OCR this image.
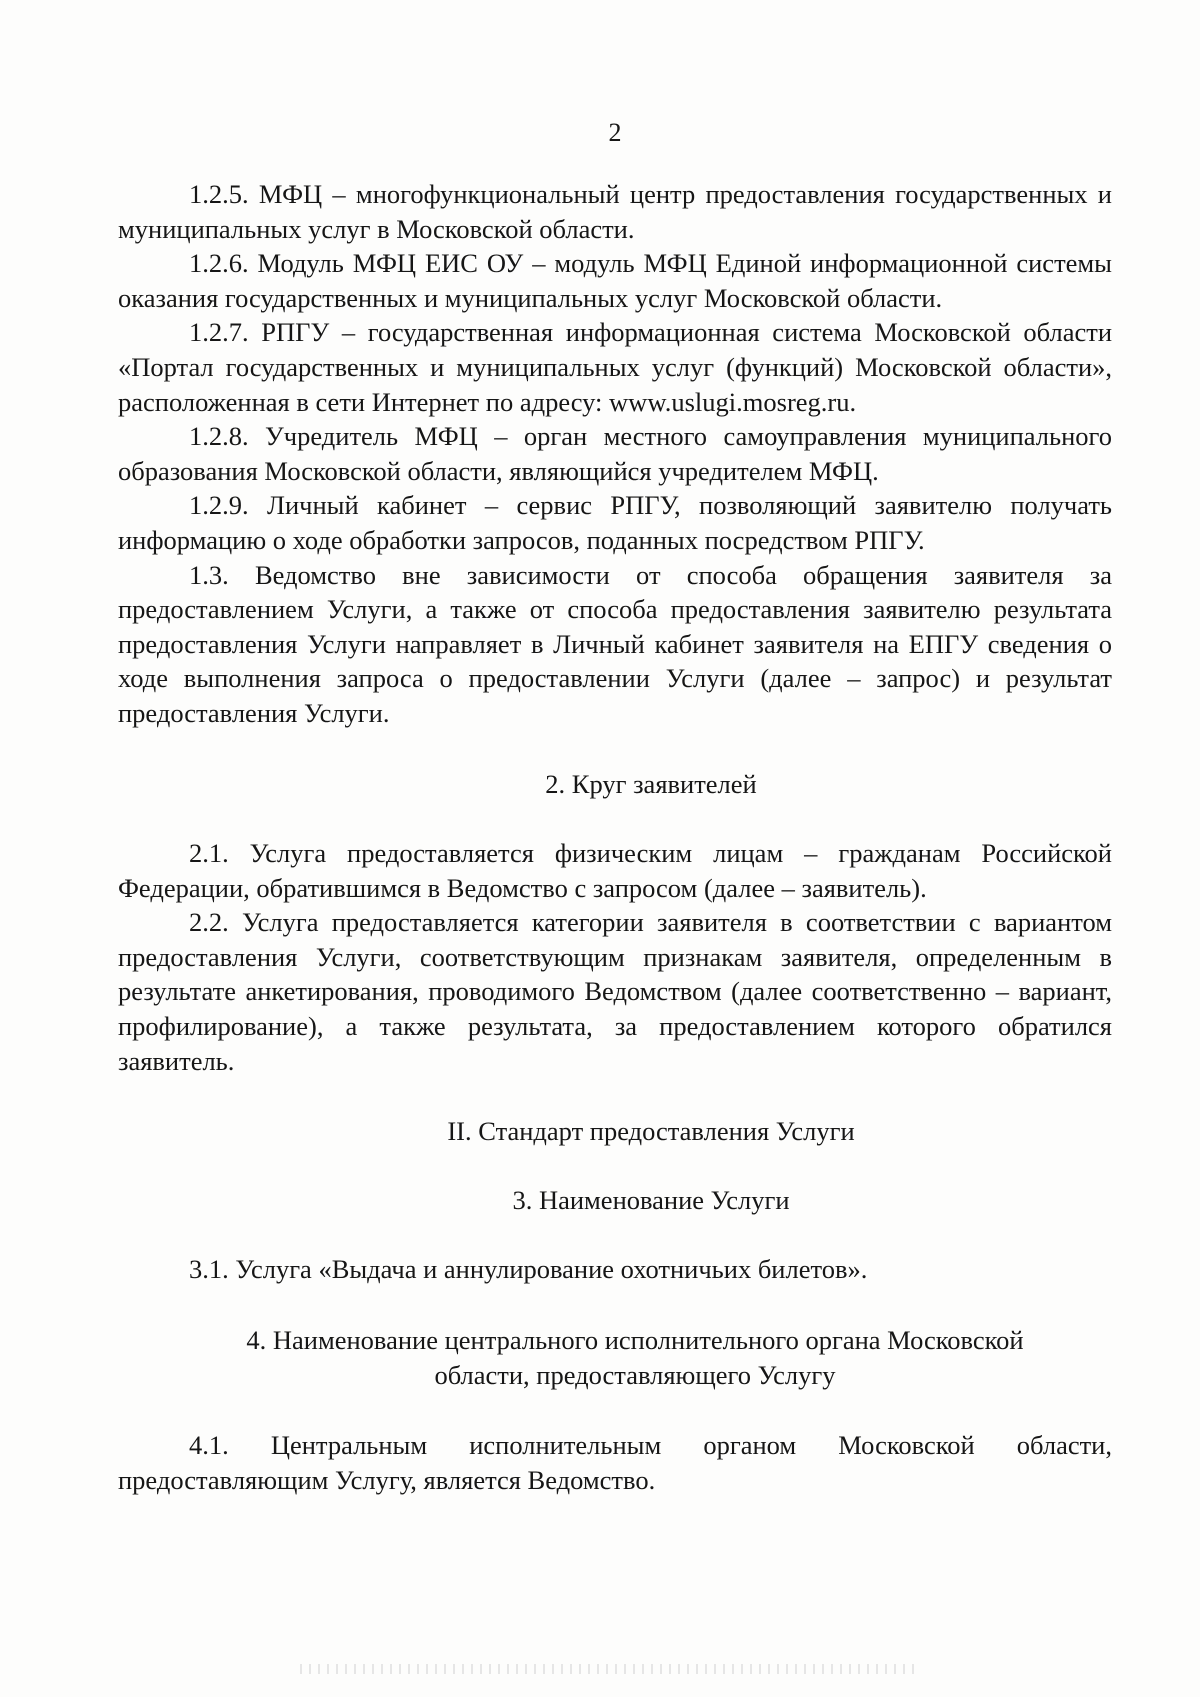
2

1.2.5. МФЦ – многофункциональный центр предоставления государственных и муниципальных услуг в Московской области.

1.2.6. Модуль МФЦ ЕИС ОУ – модуль МФЦ Единой информационной системы оказания государственных и муниципальных услуг Московской области.

1.2.7. РПГУ – государственная информационная система Московской области «Портал государственных и муниципальных услуг (функций) Московской области», расположенная в сети Интернет по адресу: www.uslugi.mosreg.ru.

1.2.8. Учредитель МФЦ – орган местного самоуправления муниципального образования Московской области, являющийся учредителем МФЦ.

1.2.9. Личный кабинет – сервис РПГУ, позволяющий заявителю получать информацию о ходе обработки запросов, поданных посредством РПГУ.

1.3. Ведомство вне зависимости от способа обращения заявителя за предоставлением Услуги, а также от способа предоставления заявителю результата предоставления Услуги направляет в Личный кабинет заявителя на ЕПГУ сведения о ходе выполнения запроса о предоставлении Услуги (далее – запрос) и результат предоставления Услуги.

2. Круг заявителей

2.1. Услуга предоставляется физическим лицам – гражданам Российской Федерации, обратившимся в Ведомство с запросом (далее – заявитель).

2.2. Услуга предоставляется категории заявителя в соответствии с вариантом предоставления Услуги, соответствующим признакам заявителя, определенным в результате анкетирования, проводимого Ведомством (далее соответственно – вариант, профилирование), а также результата, за предоставлением которого обратился заявитель.

II. Стандарт предоставления Услуги

3. Наименование Услуги

3.1. Услуга «Выдача и аннулирование охотничьих билетов».

4. Наименование центрального исполнительного органа Московской

области, предоставляющего Услугу

4.1. Центральным исполнительным органом Московской области, предоставляющим Услугу, является Ведомство.
